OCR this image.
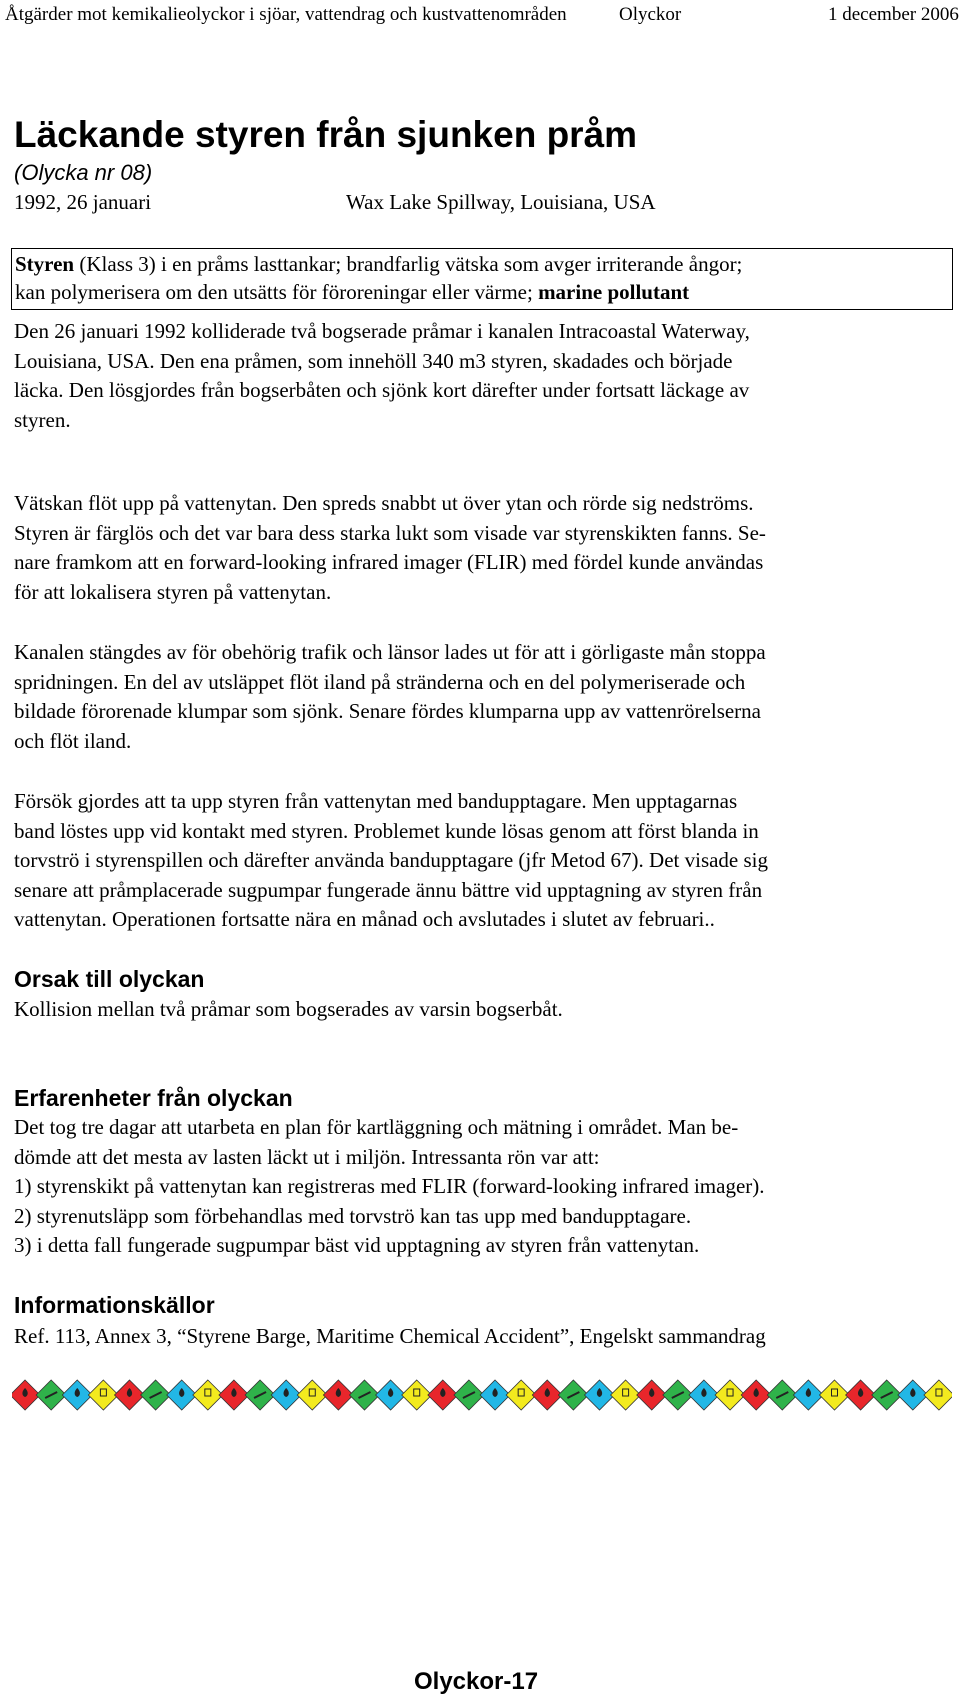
Åtgärder mot kemikalieolyckor i sjöar, vattendrag och kustvattenområden	Olyckor	1 december 2006
Läckande styren från sjunken pråm
(Olycka nr 08)
1992, 26 januari	Wax Lake Spillway, Louisiana, USA
Styren (Klass 3) i en pråms lasttankar; brandfarlig vätska som avger irriterande ångor;
kan polymerisera om den utsätts för föroreningar eller värme; marine pollutant
Den 26 januari 1992 kolliderade två bogserade pråmar i kanalen Intracoastal Waterway,
Louisiana, USA. Den ena pråmen, som innehöll 340 m3 styren, skadades och började
läcka. Den lösgjordes från bogserbåten och sjönk kort därefter under fortsatt läckage av
styren.
Vätskan flöt upp på vattenytan. Den spreds snabbt ut över ytan och rörde sig nedströms.
Styren är färglös och det var bara dess starka lukt som visade var styrenskikten fanns. Se-
nare framkom att en forward-looking infrared imager (FLIR) med fördel kunde användas
för att lokalisera styren på vattenytan.
Kanalen stängdes av för obehörig trafik och länsor lades ut för att i görligaste mån stoppa
spridningen. En del av utsläppet flöt iland på stränderna och en del polymeriserade och
bildade förorenade klumpar som sjönk. Senare fördes klumparna upp av vattenrörelserna
och flöt iland.
Försök gjordes att ta upp styren från vattenytan med bandupptagare. Men upptagarnas
band löstes upp vid kontakt med styren. Problemet kunde lösas genom att först blanda in
torvströ i styrenspillen och därefter använda bandupptagare (jfr Metod 67). Det visade sig
senare att pråmplacerade sugpumpar fungerade ännu bättre vid upptagning av styren från
vattenytan. Operationen fortsatte nära en månad och avslutades i slutet av februari..
Orsak till olyckan
Kollision mellan två pråmar som bogserades av varsin bogserbåt.
Erfarenheter från olyckan
Det tog tre dagar att utarbeta en plan för kartläggning och mätning i området. Man be-
dömde att det mesta av lasten läckt ut i miljön. Intressanta rön var att:
1) styrenskikt på vattenytan kan registreras med FLIR (forward-looking infrared imager).
2) styrenutsläpp som förbehandlas med torvströ kan tas upp med bandupptagare.
3) i detta fall fungerade sugpumpar bäst vid upptagning av styren från vattenytan.
Informationskällor
Ref. 113, Annex 3, “Styrene Barge, Maritime Chemical Accident”, Engelskt sammandrag
Olyckor-17
